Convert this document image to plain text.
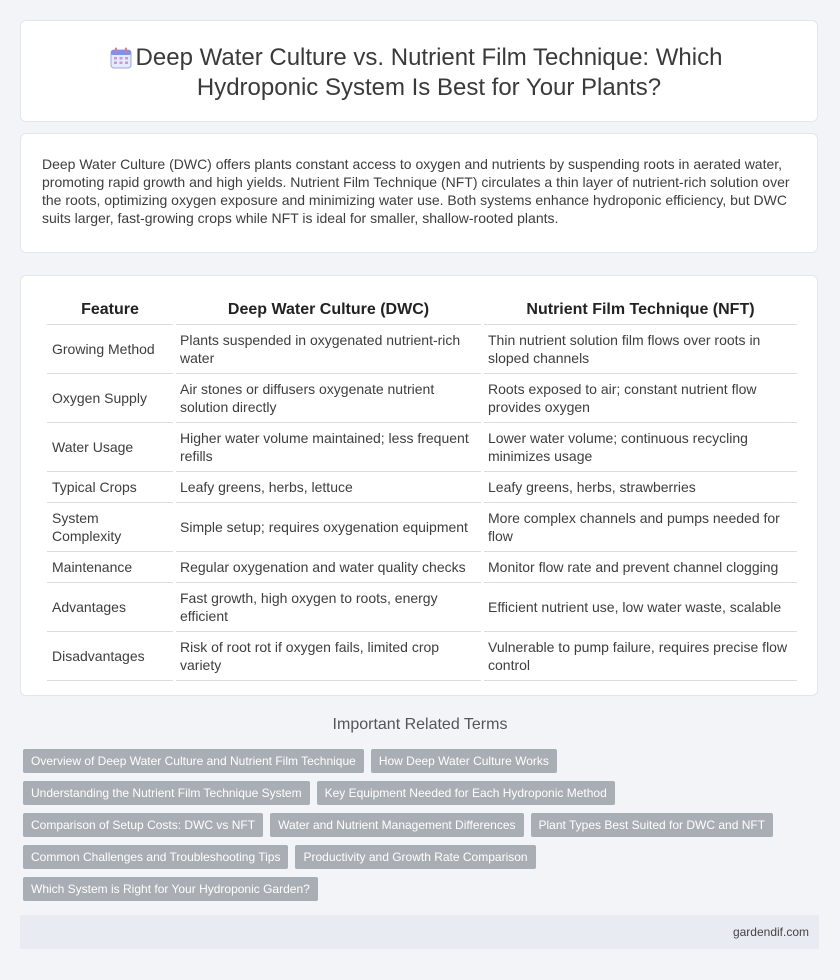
Deep Water Culture vs. Nutrient Film Technique: Which Hydroponic System Is Best for Your Plants?

Deep Water Culture (DWC) offers plants constant access to oxygen and nutrients by suspending roots in aerated water, promoting rapid growth and high yields. Nutrient Film Technique (NFT) circulates a thin layer of nutrient-rich solution over the roots, optimizing oxygen exposure and minimizing water use. Both systems enhance hydroponic efficiency, but DWC suits larger, fast-growing crops while NFT is ideal for smaller, shallow-rooted plants.

Feature	Deep Water Culture (DWC)	Nutrient Film Technique (NFT)
Growing Method	Plants suspended in oxygenated nutrient-rich water	Thin nutrient solution film flows over roots in sloped channels
Oxygen Supply	Air stones or diffusers oxygenate nutrient solution directly	Roots exposed to air; constant nutrient flow provides oxygen
Water Usage	Higher water volume maintained; less frequent refills	Lower water volume; continuous recycling minimizes usage
Typical Crops	Leafy greens, herbs, lettuce	Leafy greens, herbs, strawberries
System Complexity	Simple setup; requires oxygenation equipment	More complex channels and pumps needed for flow
Maintenance	Regular oxygenation and water quality checks	Monitor flow rate and prevent channel clogging
Advantages	Fast growth, high oxygen to roots, energy efficient	Efficient nutrient use, low water waste, scalable
Disadvantages	Risk of root rot if oxygen fails, limited crop variety	Vulnerable to pump failure, requires precise flow control
Important Related Terms
Overview of Deep Water Culture and Nutrient Film Technique	How Deep Water Culture Works
Understanding the Nutrient Film Technique System	Key Equipment Needed for Each Hydroponic Method
Comparison of Setup Costs: DWC vs NFT	Water and Nutrient Management Differences	Plant Types Best Suited for DWC and NFT
Common Challenges and Troubleshooting Tips	Productivity and Growth Rate Comparison
Which System is Right for Your Hydroponic Garden?
gardendif.com
